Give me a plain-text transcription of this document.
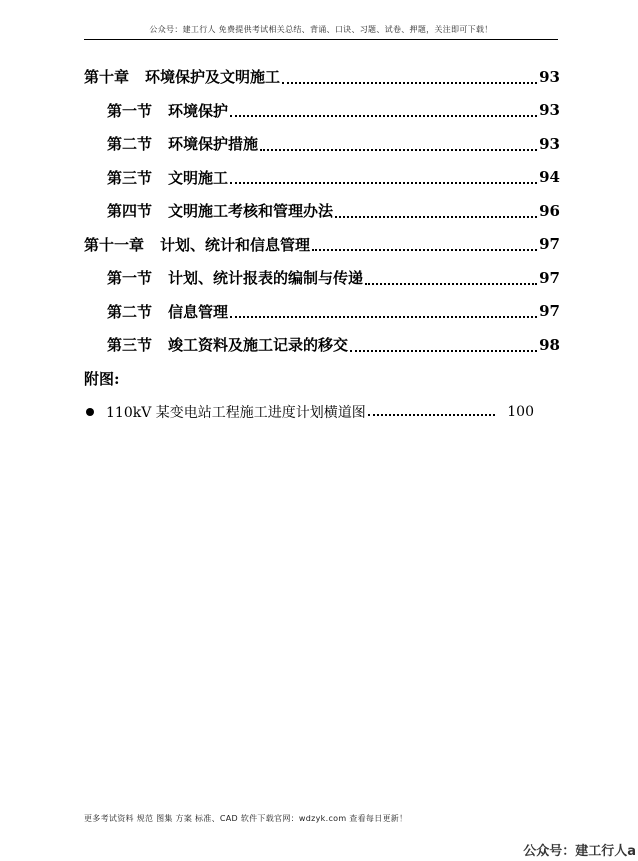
公众号：建工行人 免费提供考试相关总结、背诵、口诀、习题、试卷、押题，关注即可下载！
第十章 环境保护及文明施工	93
第一节 环境保护	93
第二节 环境保护措施	93
第三节 文明施工	94
第四节 文明施工考核和管理办法	96
第十一章 计划、统计和信息管理	97
第一节 计划、统计报表的编制与传递	97
第二节 信息管理	97
第三节 竣工资料及施工记录的移交	98
附图:
110kV 某变电站工程施工进度计划横道图	100
更多考试资料 规范 图集 方案 标准、CAD 软件下载官网：wdzyk.com 查看每日更新！
公众号：建工行人a
